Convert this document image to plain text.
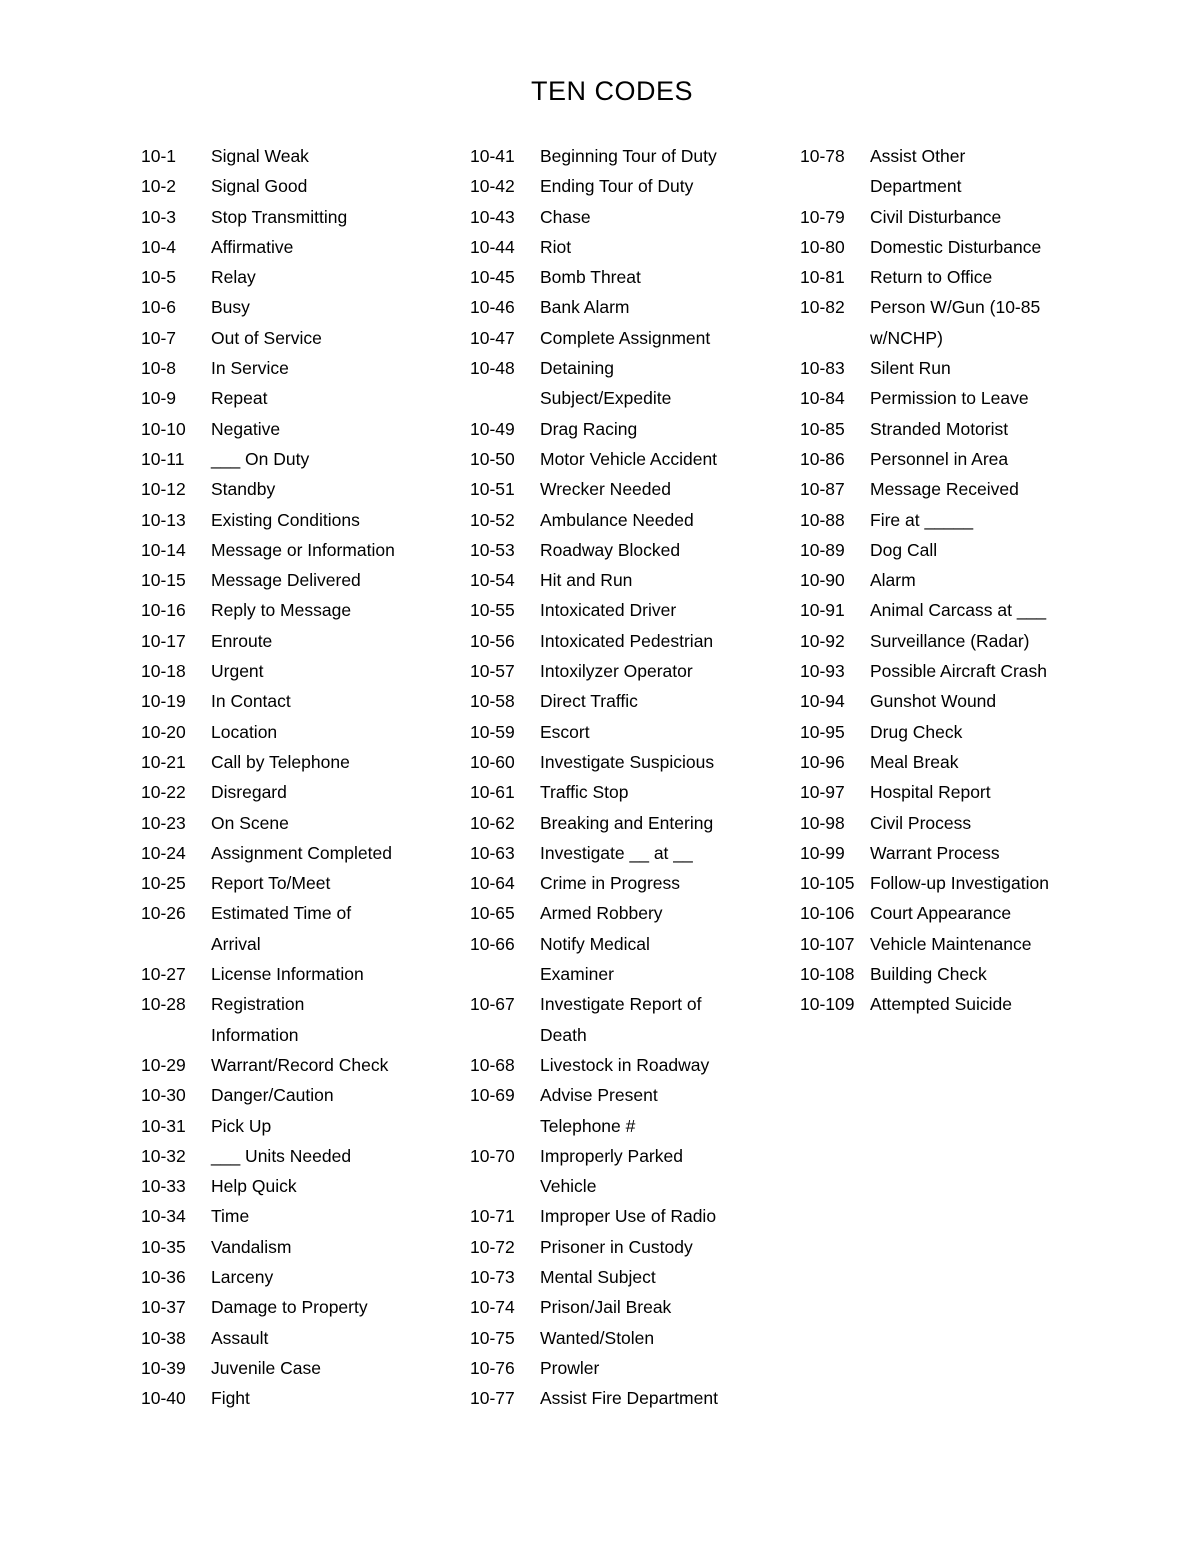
TEN CODES
10-1	Signal Weak
10-2	Signal Good
10-3	Stop Transmitting
10-4	Affirmative
10-5	Relay
10-6	Busy
10-7	Out of Service
10-8	In Service
10-9	Repeat
10-10	Negative
10-11	___ On Duty
10-12	Standby
10-13	Existing Conditions
10-14	Message or Information
10-15	Message Delivered
10-16	Reply to Message
10-17	Enroute
10-18	Urgent
10-19	In Contact
10-20	Location
10-21	Call by Telephone
10-22	Disregard
10-23	On Scene
10-24	Assignment Completed
10-25	Report To/Meet
10-26	Estimated Time of
Arrival
10-27	License Information
10-28	Registration
Information
10-29	Warrant/Record Check
10-30	Danger/Caution
10-31	Pick Up
10-32	___ Units Needed
10-33	Help Quick
10-34	Time
10-35	Vandalism
10-36	Larceny
10-37	Damage to Property
10-38	Assault
10-39	Juvenile Case
10-40	Fight
10-41	Beginning Tour of Duty
10-42	Ending Tour of Duty
10-43	Chase
10-44	Riot
10-45	Bomb Threat
10-46	Bank Alarm
10-47	Complete Assignment
10-48	Detaining
Subject/Expedite
10-49	Drag Racing
10-50	Motor Vehicle Accident
10-51	Wrecker Needed
10-52	Ambulance Needed
10-53	Roadway Blocked
10-54	Hit and Run
10-55	Intoxicated Driver
10-56	Intoxicated Pedestrian
10-57	Intoxilyzer Operator
10-58	Direct Traffic
10-59	Escort
10-60	Investigate Suspicious
10-61	Traffic Stop
10-62	Breaking and Entering
10-63	Investigate __ at __
10-64	Crime in Progress
10-65	Armed Robbery
10-66	Notify Medical
Examiner
10-67	Investigate Report of
Death
10-68	Livestock in Roadway
10-69	Advise Present
Telephone #
10-70	Improperly Parked
Vehicle
10-71	Improper Use of Radio
10-72	Prisoner in Custody
10-73	Mental Subject
10-74	Prison/Jail Break
10-75	Wanted/Stolen
10-76	Prowler
10-77	Assist Fire Department
10-78	Assist Other
Department
10-79	Civil Disturbance
10-80	Domestic Disturbance
10-81	Return to Office
10-82	Person W/Gun (10-85
w/NCHP)
10-83	Silent Run
10-84	Permission to Leave
10-85	Stranded Motorist
10-86	Personnel in Area
10-87	Message Received
10-88	Fire at _____
10-89	Dog Call
10-90	Alarm
10-91	Animal Carcass at ___
10-92	Surveillance (Radar)
10-93	Possible Aircraft Crash
10-94	Gunshot Wound
10-95	Drug Check
10-96	Meal Break
10-97	Hospital Report
10-98	Civil Process
10-99	Warrant Process
10-105 Follow-up Investigation
10-106 Court Appearance
10-107 Vehicle Maintenance
10-108 Building Check
10-109 Attempted Suicide
